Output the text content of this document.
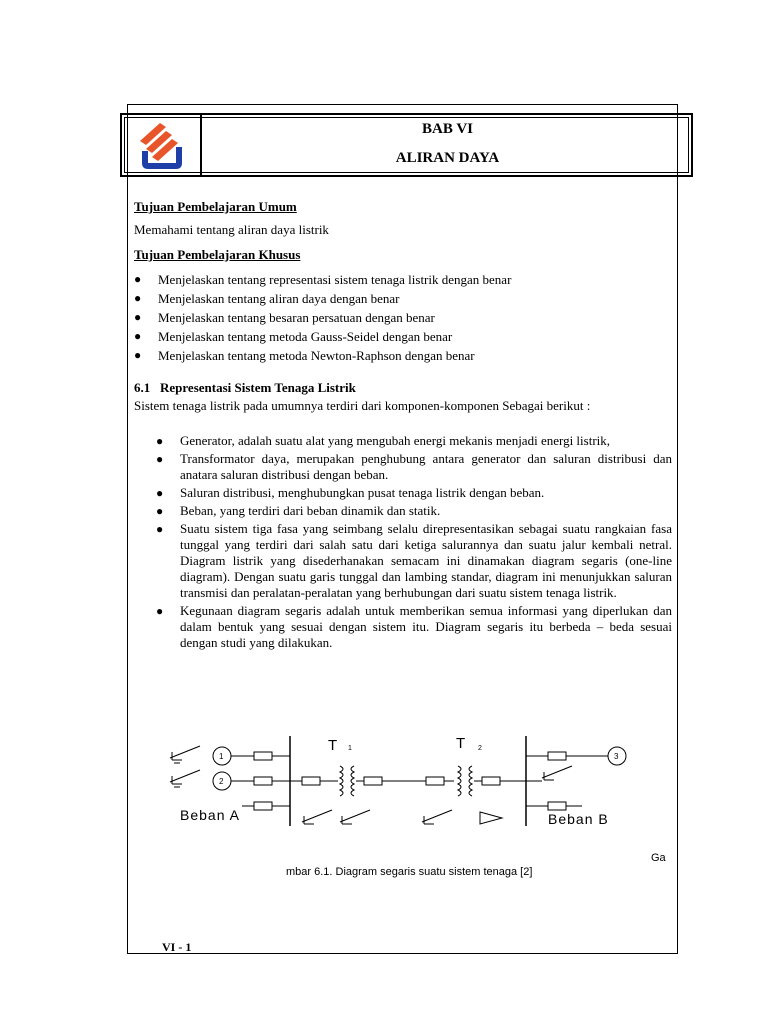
BAB VI
ALIRAN DAYA
Tujuan Pembelajaran Umum
Memahami tentang aliran daya listrik
Tujuan Pembelajaran Khusus
● Menjelaskan tentang representasi sistem tenaga listrik dengan benar
● Menjelaskan tentang aliran daya dengan benar
● Menjelaskan tentang besaran persatuan dengan benar
● Menjelaskan tentang metoda Gauss-Seidel dengan benar
● Menjelaskan tentang metoda Newton-Raphson dengan benar
6.1 Representasi Sistem Tenaga Listrik
Sistem tenaga listrik pada umumnya terdiri dari komponen-komponen Sebagai berikut :
● Generator, adalah suatu alat yang mengubah energi mekanis menjadi energi listrik,
● Transformator daya, merupakan penghubung antara generator dan saluran distribusi dan anatara saluran distribusi dengan beban.
● Saluran distribusi, menghubungkan pusat tenaga listrik dengan beban.
● Beban, yang terdiri dari beban dinamik dan statik.
● Suatu sistem tiga fasa yang seimbang selalu direpresentasikan sebagai suatu rangkaian fasa tunggal yang terdiri dari salah satu dari ketiga salurannya dan suatu jalur kembali netral. Diagram listrik yang disederhanakan semacam ini dinamakan diagram segaris (one-line diagram). Dengan suatu garis tunggal dan lambing standar, diagram ini menunjukkan saluran transmisi dan peralatan-peralatan yang berhubungan dari suatu sistem tenaga listrik.
● Kegunaan diagram segaris adalah untuk memberikan semua informasi yang diperlukan dan dalam bentuk yang sesuai dengan sistem itu. Diagram segaris itu berbeda – beda sesuai dengan studi yang dilakukan.
1
2
T 1	T 2
Beban A
3
Beban B
Ga
mbar 6.1. Diagram segaris suatu sistem tenaga [2]
VI - 1
